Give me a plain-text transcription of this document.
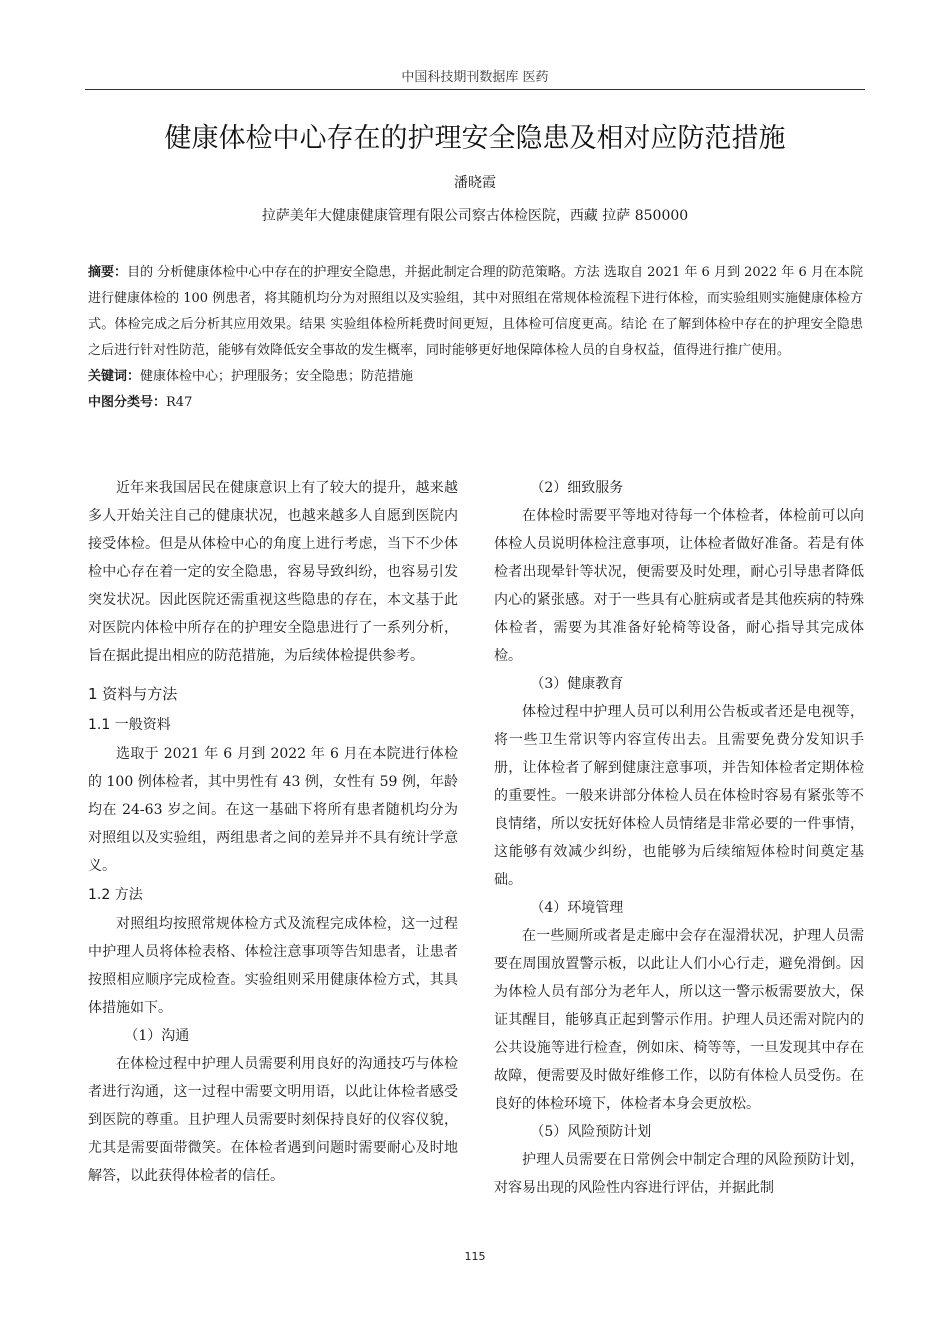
中国科技期刊数据库 医药
健康体检中心存在的护理安全隐患及相对应防范措施
潘晓霞
拉萨美年大健康健康管理有限公司察古体检医院，西藏 拉萨 850000

摘要：目的 分析健康体检中心中存在的护理安全隐患，并据此制定合理的防范策略。方法 选取自 2021 年 6 月到 2022 年 6 月在本院进行健康体检的 100 例患者，将其随机均分为对照组以及实验组，其中对照组在常规体检流程下进行体检，而实验组则实施健康体检方式。体检完成之后分析其应用效果。结果 实验组体检所耗费时间更短，且体检可信度更高。结论 在了解到体检中存在的护理安全隐患之后进行针对性防范，能够有效降低安全事故的发生概率，同时能够更好地保障体检人员的自身权益，值得进行推广使用。

关键词：健康体检中心；护理服务；安全隐患；防范措施

中图分类号：R47

近年来我国居民在健康意识上有了较大的提升，越来越多人开始关注自己的健康状况，也越来越多人自愿到医院内接受体检。但是从体检中心的角度上进行考虑，当下不少体检中心存在着一定的安全隐患，容易导致纠纷，也容易引发突发状况。因此医院还需重视这些隐患的存在，本文基于此对医院内体检中所存在的护理安全隐患进行了一系列分析，旨在据此提出相应的防范措施，为后续体检提供参考。

1 资料与方法
1.1 一般资料

选取于 2021 年 6 月到 2022 年 6 月在本院进行体检的 100 例体检者，其中男性有 43 例，女性有 59 例，年龄均在 24-63 岁之间。在这一基础下将所有患者随机均分为对照组以及实验组，两组患者之间的差异并不具有统计学意义。

1.2 方法

对照组均按照常规体检方式及流程完成体检，这一过程中护理人员将体检表格、体检注意事项等告知患者，让患者按照相应顺序完成检查。实验组则采用健康体检方式，其具体措施如下。

（1）沟通

在体检过程中护理人员需要利用良好的沟通技巧与体检者进行沟通，这一过程中需要文明用语，以此让体检者感受到医院的尊重。且护理人员需要时刻保持良好的仪容仪貌，尤其是需要面带微笑。在体检者遇到问题时需要耐心及时地解答，以此获得体检者的信任。

（2）细致服务

在体检时需要平等地对待每一个体检者，体检前可以向体检人员说明体检注意事项，让体检者做好准备。若是有体检者出现晕针等状况，便需要及时处理，耐心引导患者降低内心的紧张感。对于一些具有心脏病或者是其他疾病的特殊体检者，需要为其准备好轮椅等设备，耐心指导其完成体检。

（3）健康教育

体检过程中护理人员可以利用公告板或者还是电视等，将一些卫生常识等内容宣传出去。且需要免费分发知识手册，让体检者了解到健康注意事项，并告知体检者定期体检的重要性。一般来讲部分体检人员在体检时容易有紧张等不良情绪，所以安抚好体检人员情绪是非常必要的一件事情，这能够有效减少纠纷，也能够为后续缩短体检时间奠定基础。

（4）环境管理

在一些厕所或者是走廊中会存在湿滑状况，护理人员需要在周围放置警示板，以此让人们小心行走，避免滑倒。因为体检人员有部分为老年人，所以这一警示板需要放大，保证其醒目，能够真正起到警示作用。护理人员还需对院内的公共设施等进行检查，例如床、椅等等，一旦发现其中存在故障，便需要及时做好维修工作，以防有体检人员受伤。在良好的体检环境下，体检者本身会更放松。

（5）风险预防计划

护理人员需要在日常例会中制定合理的风险预防计划，对容易出现的风险性内容进行评估，并据此制

115
